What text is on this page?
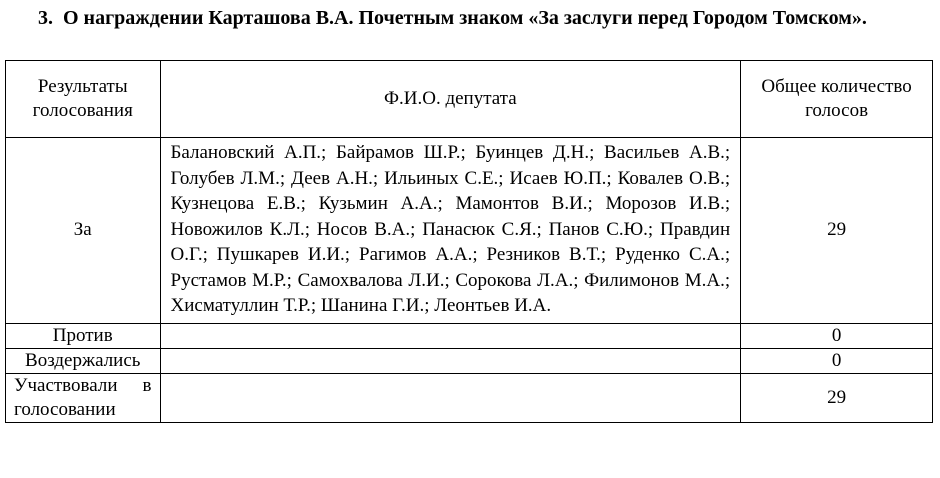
3. О награждении Карташова В.А. Почетным знаком «За заслуги перед Городом Томском».
Результаты голосования	Ф.И.О. депутата	Общее количество голосов
За	Балановский А.П.; Байрамов Ш.Р.; Буинцев Д.Н.; Васильев А.В.; Голубев Л.М.; Деев А.Н.; Ильиных С.Е.; Исаев Ю.П.; Ковалев О.В.; Кузнецова Е.В.; Кузьмин А.А.; Мамонтов В.И.; Морозов И.В.; Новожилов К.Л.; Носов В.А.; Панасюк С.Я.; Панов С.Ю.; Правдин О.Г.; Пушкарев И.И.; Рагимов А.А.; Резников В.Т.; Руденко С.А.; Рустамов М.Р.; Самохвалова Л.И.; Сорокова Л.А.; Филимонов М.А.; Хисматуллин Т.Р.; Шанина Г.И.; Леонтьев И.А.	29
Против		0
Воздержались		0
Участвовали в голосовании		29
